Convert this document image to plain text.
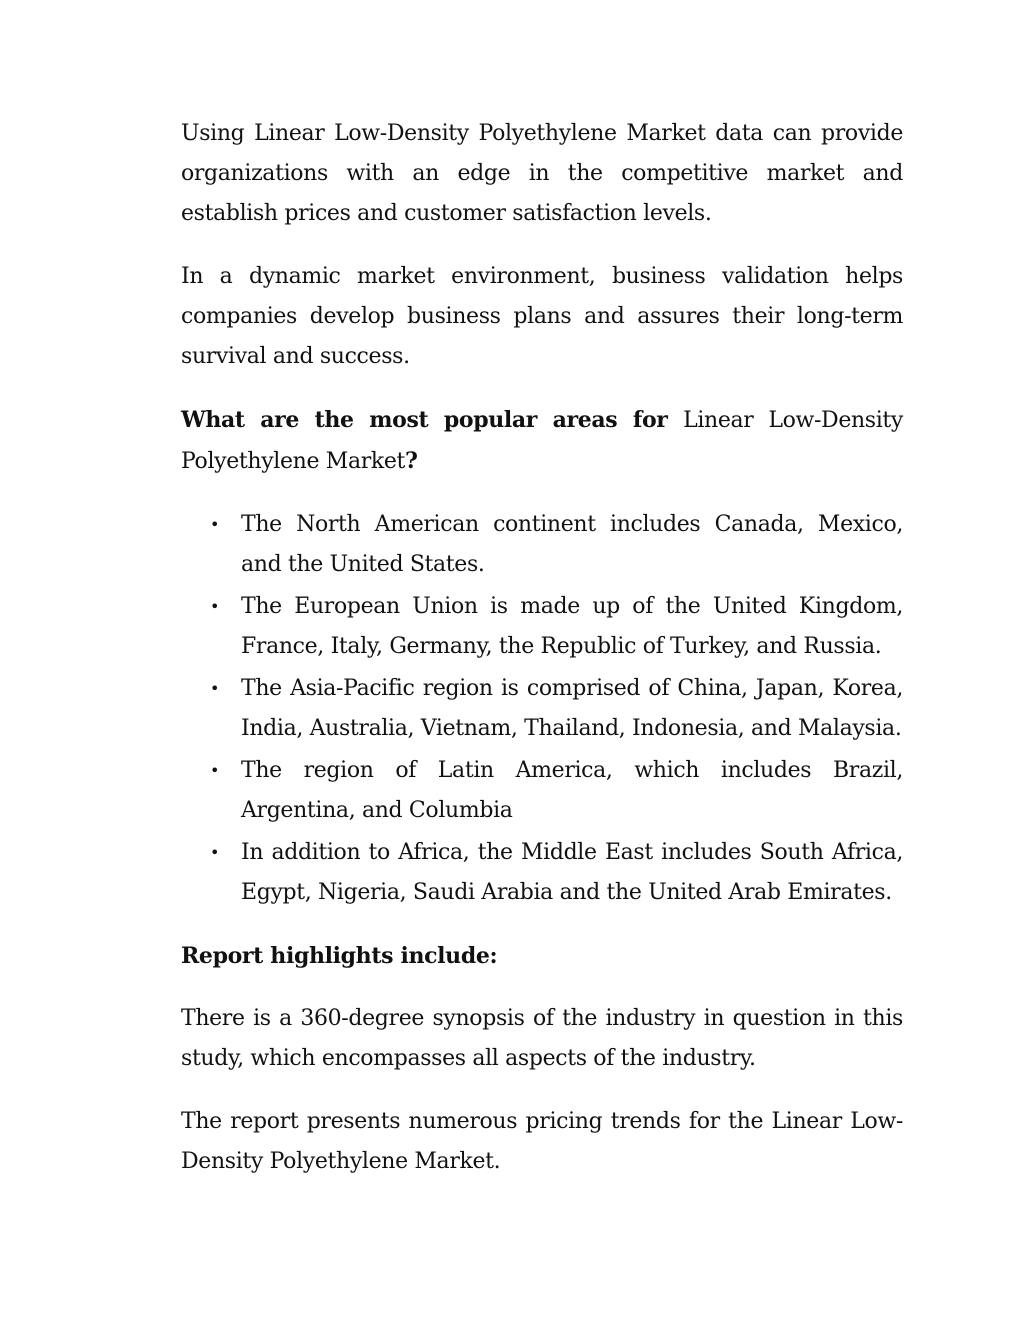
Using Linear Low-Density Polyethylene Market data can provide organizations with an edge in the competitive market and establish prices and customer satisfaction levels.

In a dynamic market environment, business validation helps companies develop business plans and assures their long-term survival and success.

What are the most popular areas for Linear Low-Density Polyethylene Market?

• The North American continent includes Canada, Mexico, and the United States.
• The European Union is made up of the United Kingdom, France, Italy, Germany, the Republic of Turkey, and Russia.
• The Asia-Pacific region is comprised of China, Japan, Korea, India, Australia, Vietnam, Thailand, Indonesia, and Malaysia.
• The region of Latin America, which includes Brazil, Argentina, and Columbia
• In addition to Africa, the Middle East includes South Africa, Egypt, Nigeria, Saudi Arabia and the United Arab Emirates.

Report highlights include:

There is a 360-degree synopsis of the industry in question in this study, which encompasses all aspects of the industry.

The report presents numerous pricing trends for the Linear Low-Density Polyethylene Market.
